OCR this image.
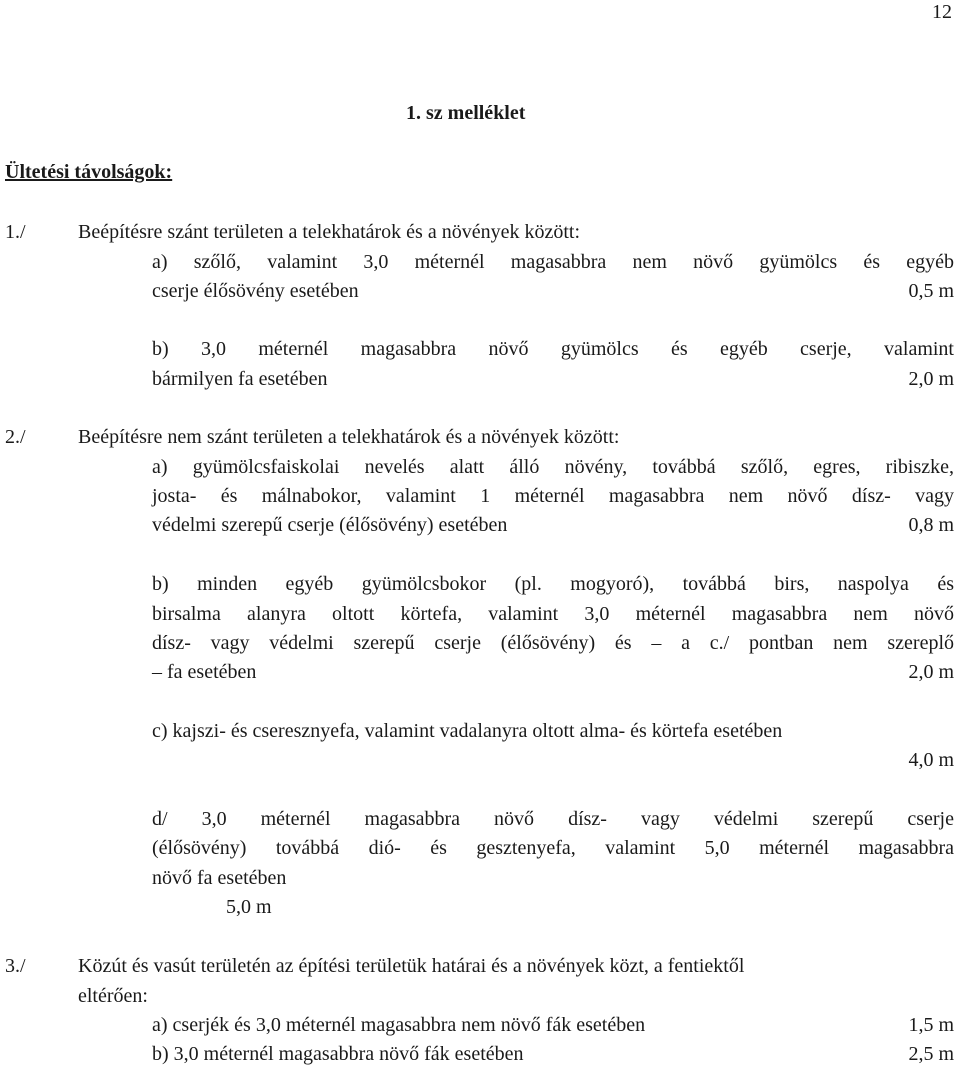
12
1. sz melléklet
Ültetési távolságok:
1./	Beépítésre szánt területen a telekhatárok és a növények között:
a) szőlő, valamint 3,0 méternél magasabbra nem növő gyümölcs és egyéb
cserje élősövény esetében	0,5 m
b) 3,0 méternél magasabbra növő gyümölcs és egyéb cserje, valamint
bármilyen fa esetében	2,0 m
2./	Beépítésre nem szánt területen a telekhatárok és a növények között:
a) gyümölcsfaiskolai nevelés alatt álló növény, továbbá szőlő, egres, ribiszke,
josta- és málnabokor, valamint 1 méternél magasabbra nem növő dísz- vagy
védelmi szerepű cserje (élősövény) esetében	0,8 m
b) minden egyéb gyümölcsbokor (pl. mogyoró), továbbá birs, naspolya és
birsalma alanyra oltott körtefa, valamint 3,0 méternél magasabbra nem növő
dísz- vagy védelmi szerepű cserje (élősövény) és – a c./ pontban nem szereplő
– fa esetében	2,0 m
c) kajszi- és cseresznyefa, valamint vadalanyra oltott alma- és körtefa esetében
4,0 m
d/ 3,0 méternél magasabbra növő dísz- vagy védelmi szerepű cserje
(élősövény) továbbá dió- és gesztenyefa, valamint 5,0 méternél magasabbra
növő fa esetében
5,0 m
3./	Közút és vasút területén az építési területük határai és a növények közt, a fentiektől
eltérően:
a) cserjék és 3,0 méternél magasabbra nem növő fák esetében	1,5 m
b) 3,0 méternél magasabbra növő fák esetében	2,5 m
